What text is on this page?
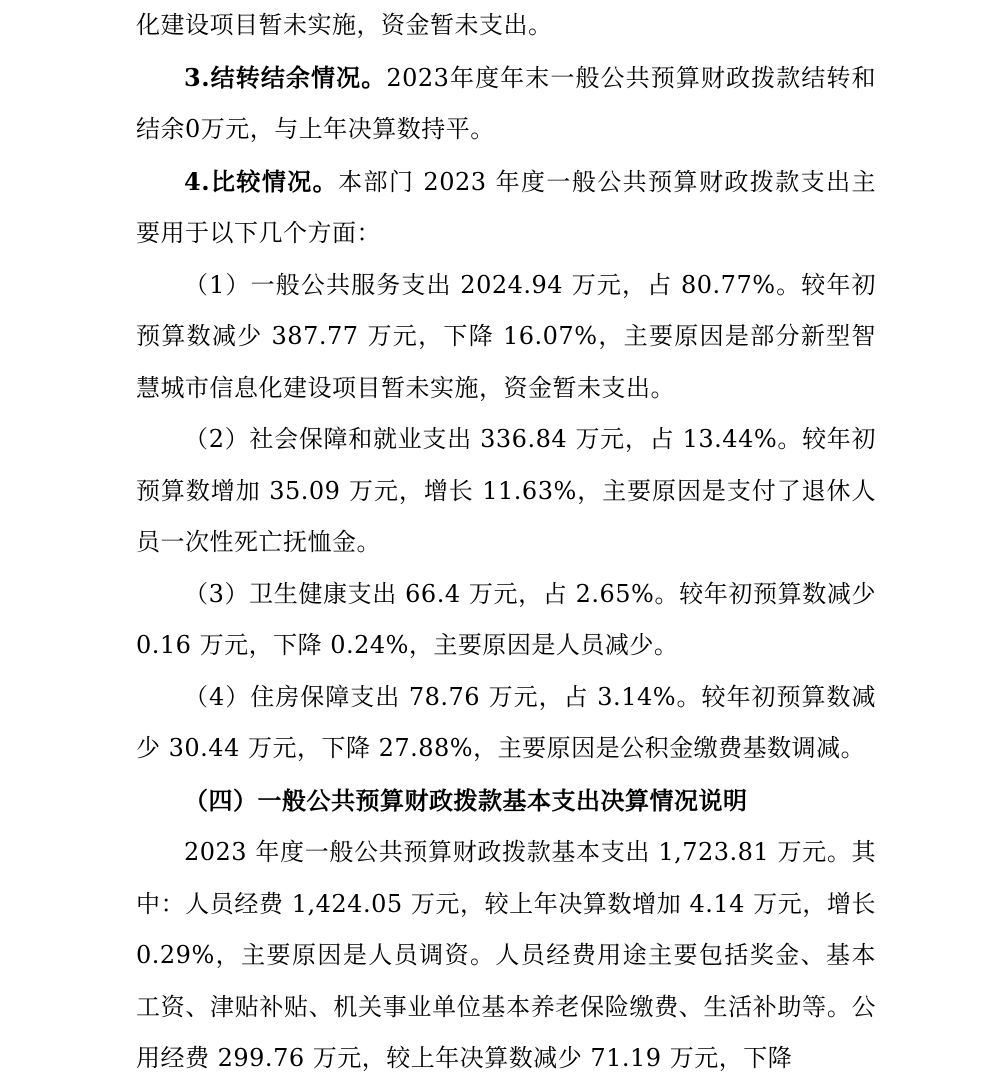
化建设项目暂未实施，资金暂未支出。

3.结转结余情况。2023年度年末一般公共预算财政拨款结转和结余0万元，与上年决算数持平。

4.比较情况。本部门 2023 年度一般公共预算财政拨款支出主要用于以下几个方面：

（1）一般公共服务支出 2024.94 万元，占 80.77%。较年初预算数减少 387.77 万元，下降 16.07%，主要原因是部分新型智慧城市信息化建设项目暂未实施，资金暂未支出。

（2）社会保障和就业支出 336.84 万元，占 13.44%。较年初预算数增加 35.09 万元，增长 11.63%，主要原因是支付了退休人员一次性死亡抚恤金。

（3）卫生健康支出 66.4 万元，占 2.65%。较年初预算数减少 0.16 万元，下降 0.24%，主要原因是人员减少。

（4）住房保障支出 78.76 万元，占 3.14%。较年初预算数减少 30.44 万元，下降 27.88%，主要原因是公积金缴费基数调减。

（四）一般公共预算财政拨款基本支出决算情况说明

2023 年度一般公共预算财政拨款基本支出 1,723.81 万元。其中：人员经费 1,424.05 万元，较上年决算数增加 4.14 万元，增长 0.29%，主要原因是人员调资。人员经费用途主要包括奖金、基本工资、津贴补贴、机关事业单位基本养老保险缴费、生活补助等。公用经费 299.76 万元，较上年决算数减少 71.19 万元，下降
